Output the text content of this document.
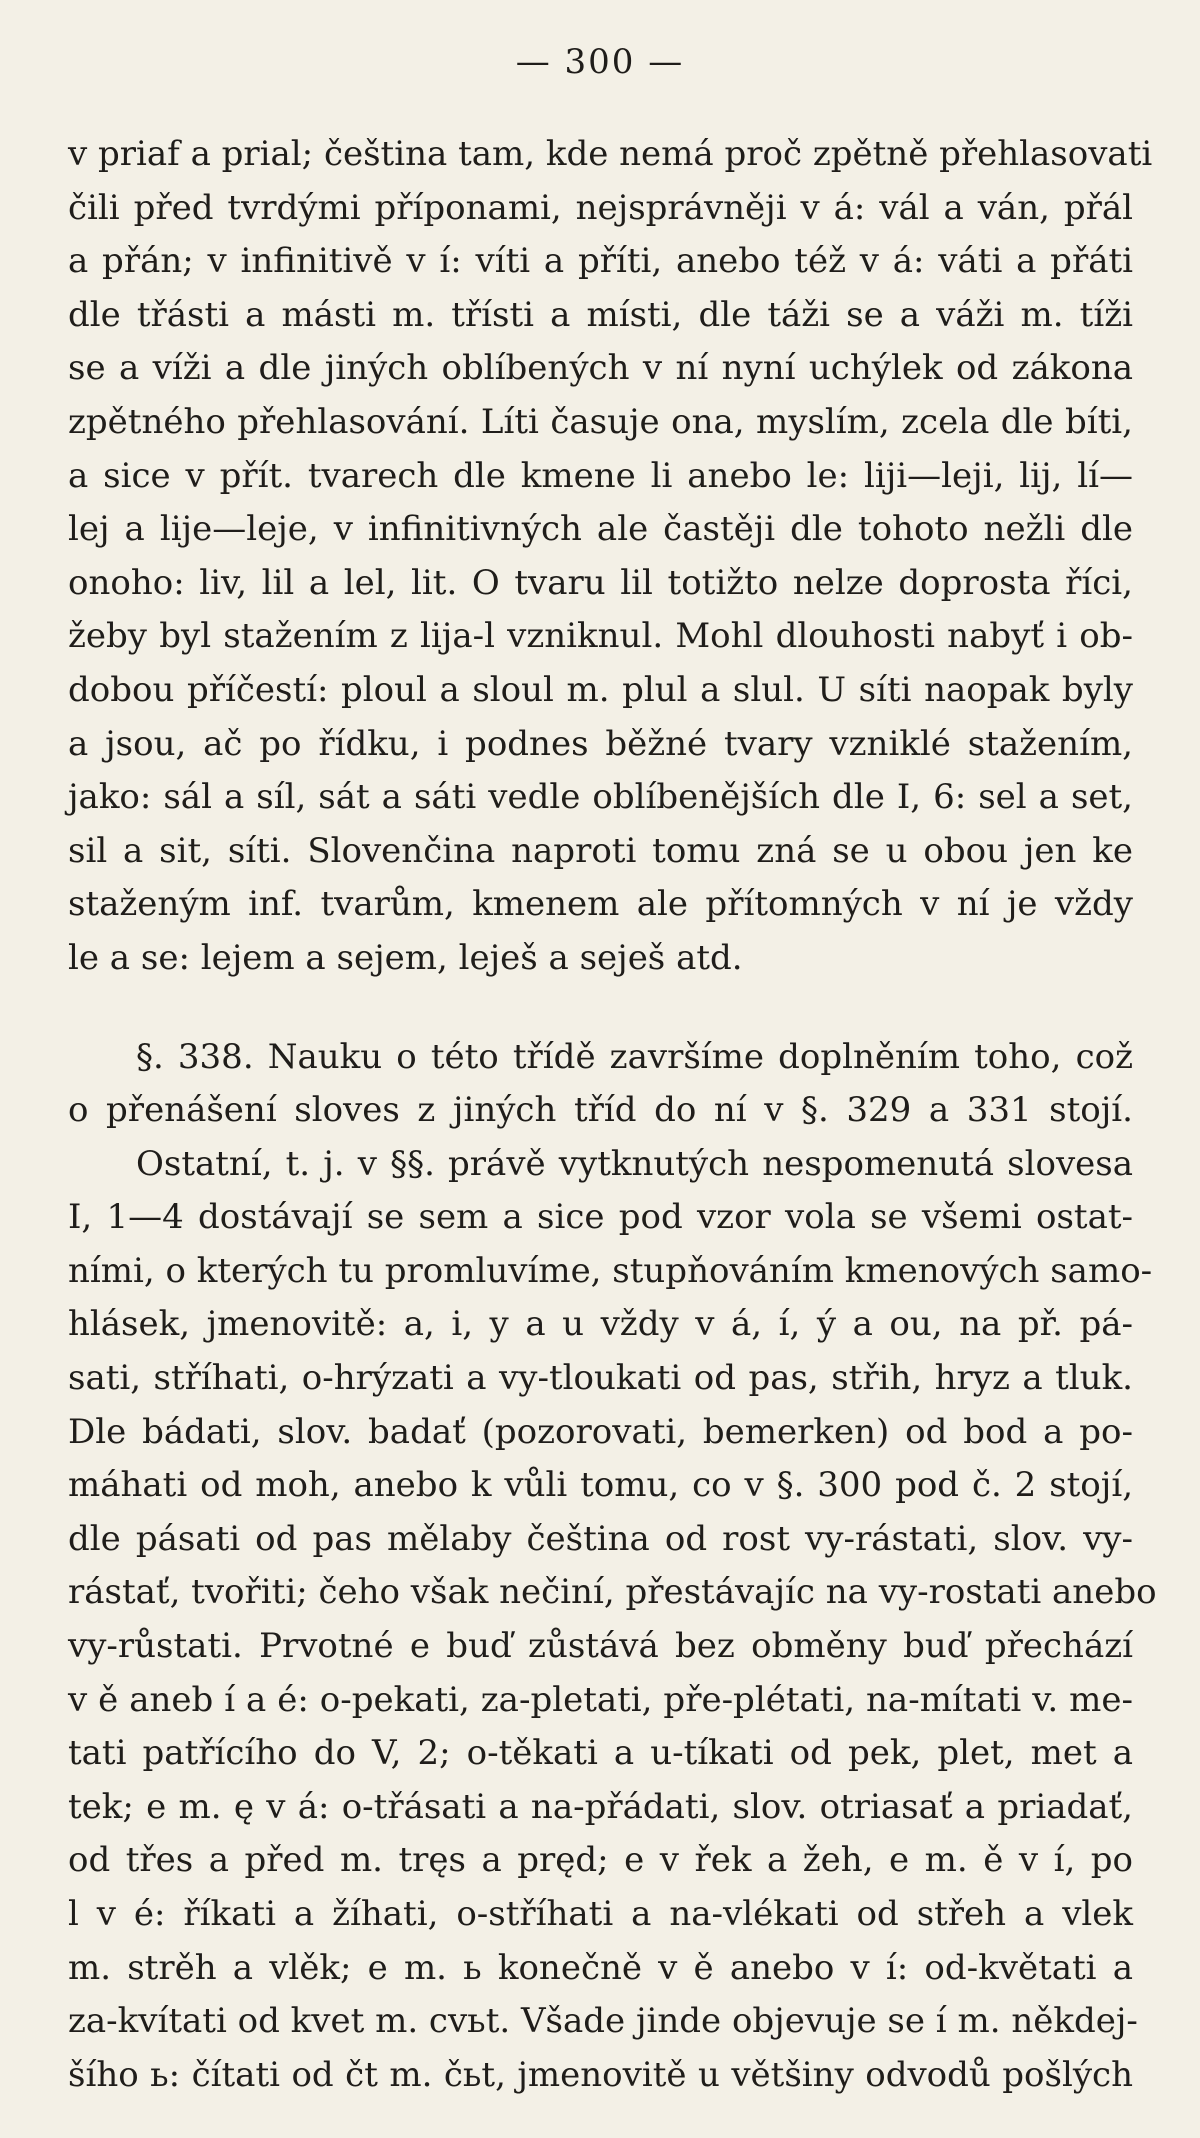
— 300 —
v priaf a prial; čeština tam, kde nemá proč zpětně přehlasovati
čili před tvrdými příponami, nejsprávněji v á: vál a ván, přál
a přán; v infinitivě v í: víti a příti, anebo též v á: váti a přáti
dle třásti a másti m. třísti a místi, dle táži se a váži m. tíži
se a víži a dle jiných oblíbených v ní nyní uchýlek od zákona
zpětného přehlasování. Líti časuje ona, myslím, zcela dle bíti,
a sice v přít. tvarech dle kmene li anebo le: liji—leji, lij, lí—
lej a lije—leje, v infinitivných ale častěji dle tohoto nežli dle
onoho: liv, lil a lel, lit. O tvaru lil totižto nelze doprosta říci,
žeby byl stažením z lija-l vzniknul. Mohl dlouhosti nabyť i ob-
dobou příčestí: ploul a sloul m. plul a slul. U síti naopak byly
a jsou, ač po řídku, i podnes běžné tvary vzniklé stažením,
jako: sál a síl, sát a sáti vedle oblíbenějších dle I, 6: sel a set,
sil a sit, síti. Slovenčina naproti tomu zná se u obou jen ke
staženým inf. tvarům, kmenem ale přítomných v ní je vždy
le a se: lejem a sejem, leješ a seješ atd.
§. 338. Nauku o této třídě završíme doplněním toho, což
o přenášení sloves z jiných tříd do ní v §. 329 a 331 stojí.
Ostatní, t. j. v §§. právě vytknutých nespomenutá slovesa
I, 1—4 dostávají se sem a sice pod vzor vola se všemi ostat-
ními, o kterých tu promluvíme, stupňováním kmenových samo-
hlásek, jmenovitě: a, i, y a u vždy v á, í, ý a ou, na př. pá-
sati, stříhati, o-hrýzati a vy-tloukati od pas, střih, hryz a tluk.
Dle bádati, slov. badať (pozorovati, bemerken) od bod a po-
máhati od moh, anebo k vůli tomu, co v §. 300 pod č. 2 stojí,
dle pásati od pas mělaby čeština od rost vy-rástati, slov. vy-
rástať, tvořiti; čeho však nečiní, přestávajíc na vy-rostati anebo
vy-růstati. Prvotné e buď zůstává bez obměny buď přechází
v ě aneb í a é: o-pekati, za-pletati, pře-plétati, na-mítati v. me-
tati patřícího do V, 2; o-těkati a u-tíkati od pek, plet, met a
tek; e m. ę v á: o-třásati a na-přádati, slov. otriasať a priadať,
od třes a před m. tręs a pręd; e v řek a žeh, e m. ě v í, po
l v é: říkati a žíhati, o-stříhati a na-vlékati od střeh a vlek
m. strěh a vlěk; e m. ь konečně v ě anebo v í: od-květati a
za-kvítati od kvet m. cvьt. Všade jinde objevuje se í m. někdej-
šího ь: čítati od čt m. čьt, jmenovitě u většiny odvodů pošlých
